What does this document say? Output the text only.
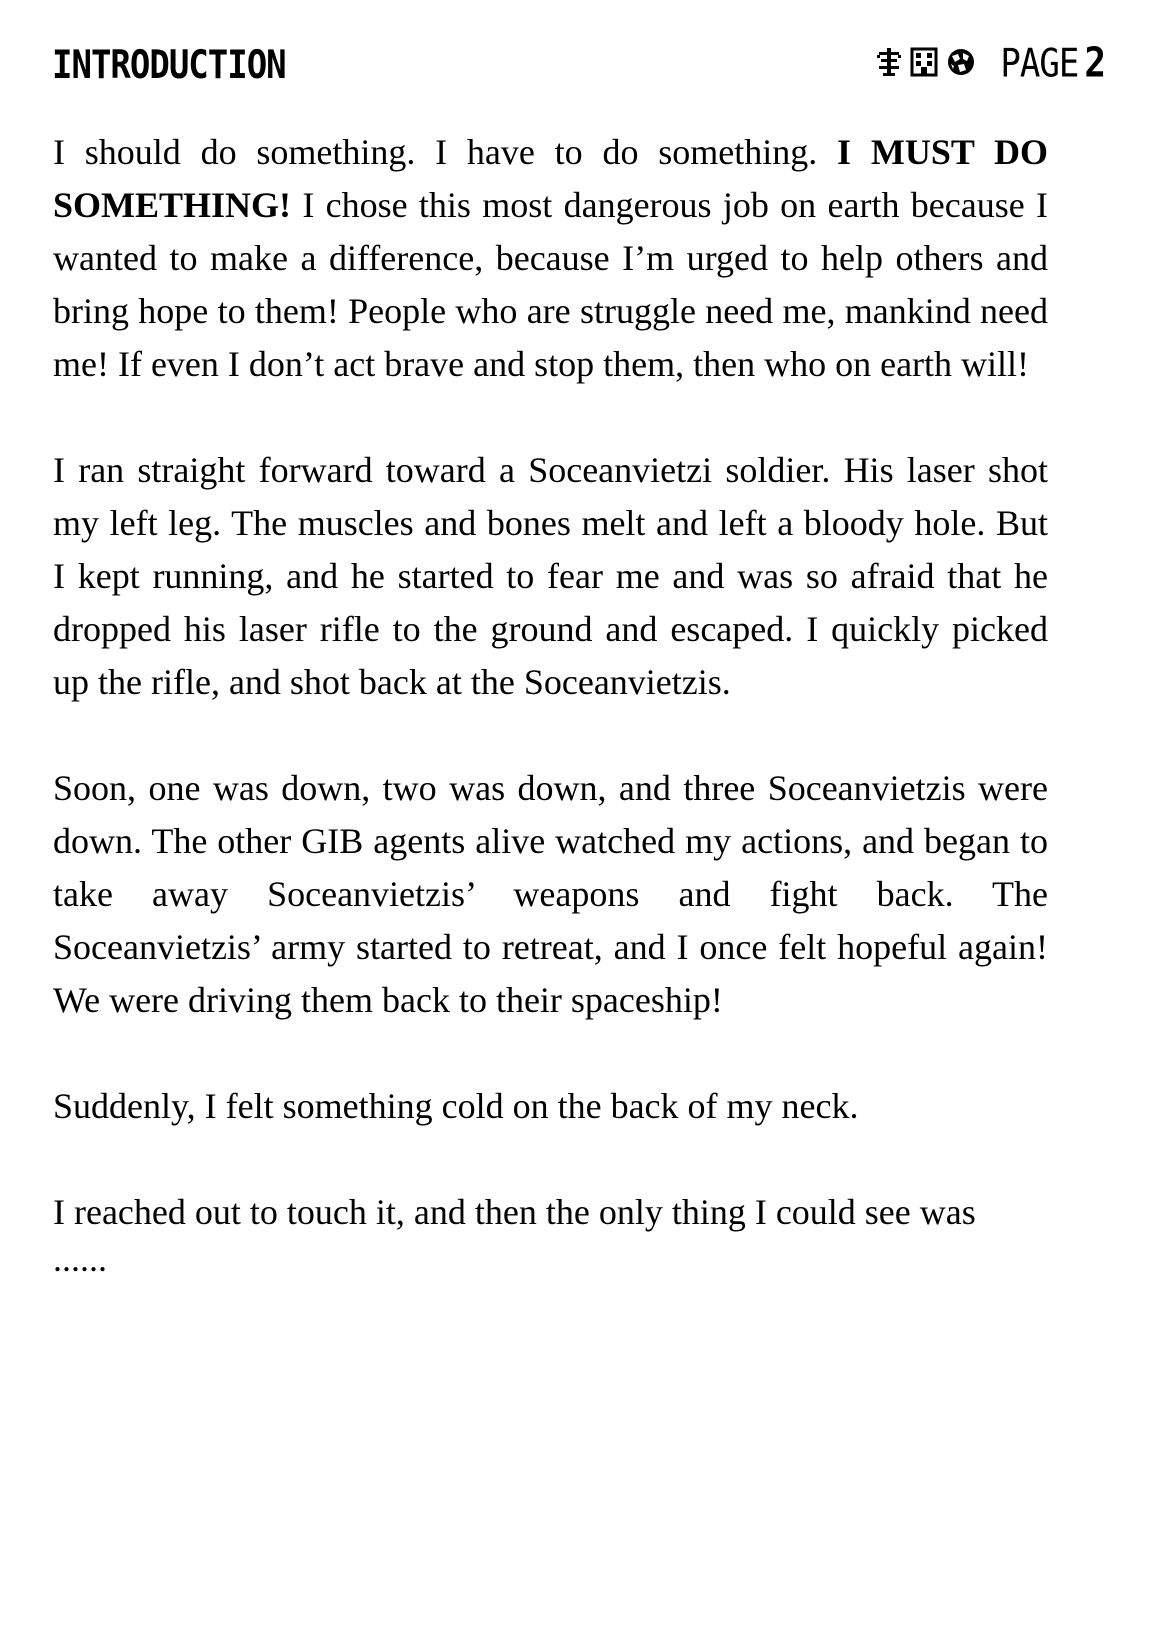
INTRODUCTION	PAGE 2

I should do something. I have to do something. I MUST DO SOMETHING! I chose this most dangerous job on earth because I wanted to make a difference, because I’m urged to help others and bring hope to them! People who are struggle need me, mankind need me! If even I don’t act brave and stop them, then who on earth will!

I ran straight forward toward a Soceanvietzi soldier. His laser shot my left leg. The muscles and bones melt and left a bloody hole. But I kept running, and he started to fear me and was so afraid that he dropped his laser rifle to the ground and escaped. I quickly picked up the rifle, and shot back at the Soceanvietzis.

Soon, one was down, two was down, and three Soceanvietzis were down. The other GIB agents alive watched my actions, and began to take away Soceanvietzis’ weapons and fight back. The Soceanvietzis’ army started to retreat, and I once felt hopeful again! We were driving them back to their spaceship!

Suddenly, I felt something cold on the back of my neck.

I reached out to touch it, and then the only thing I could see was
......
